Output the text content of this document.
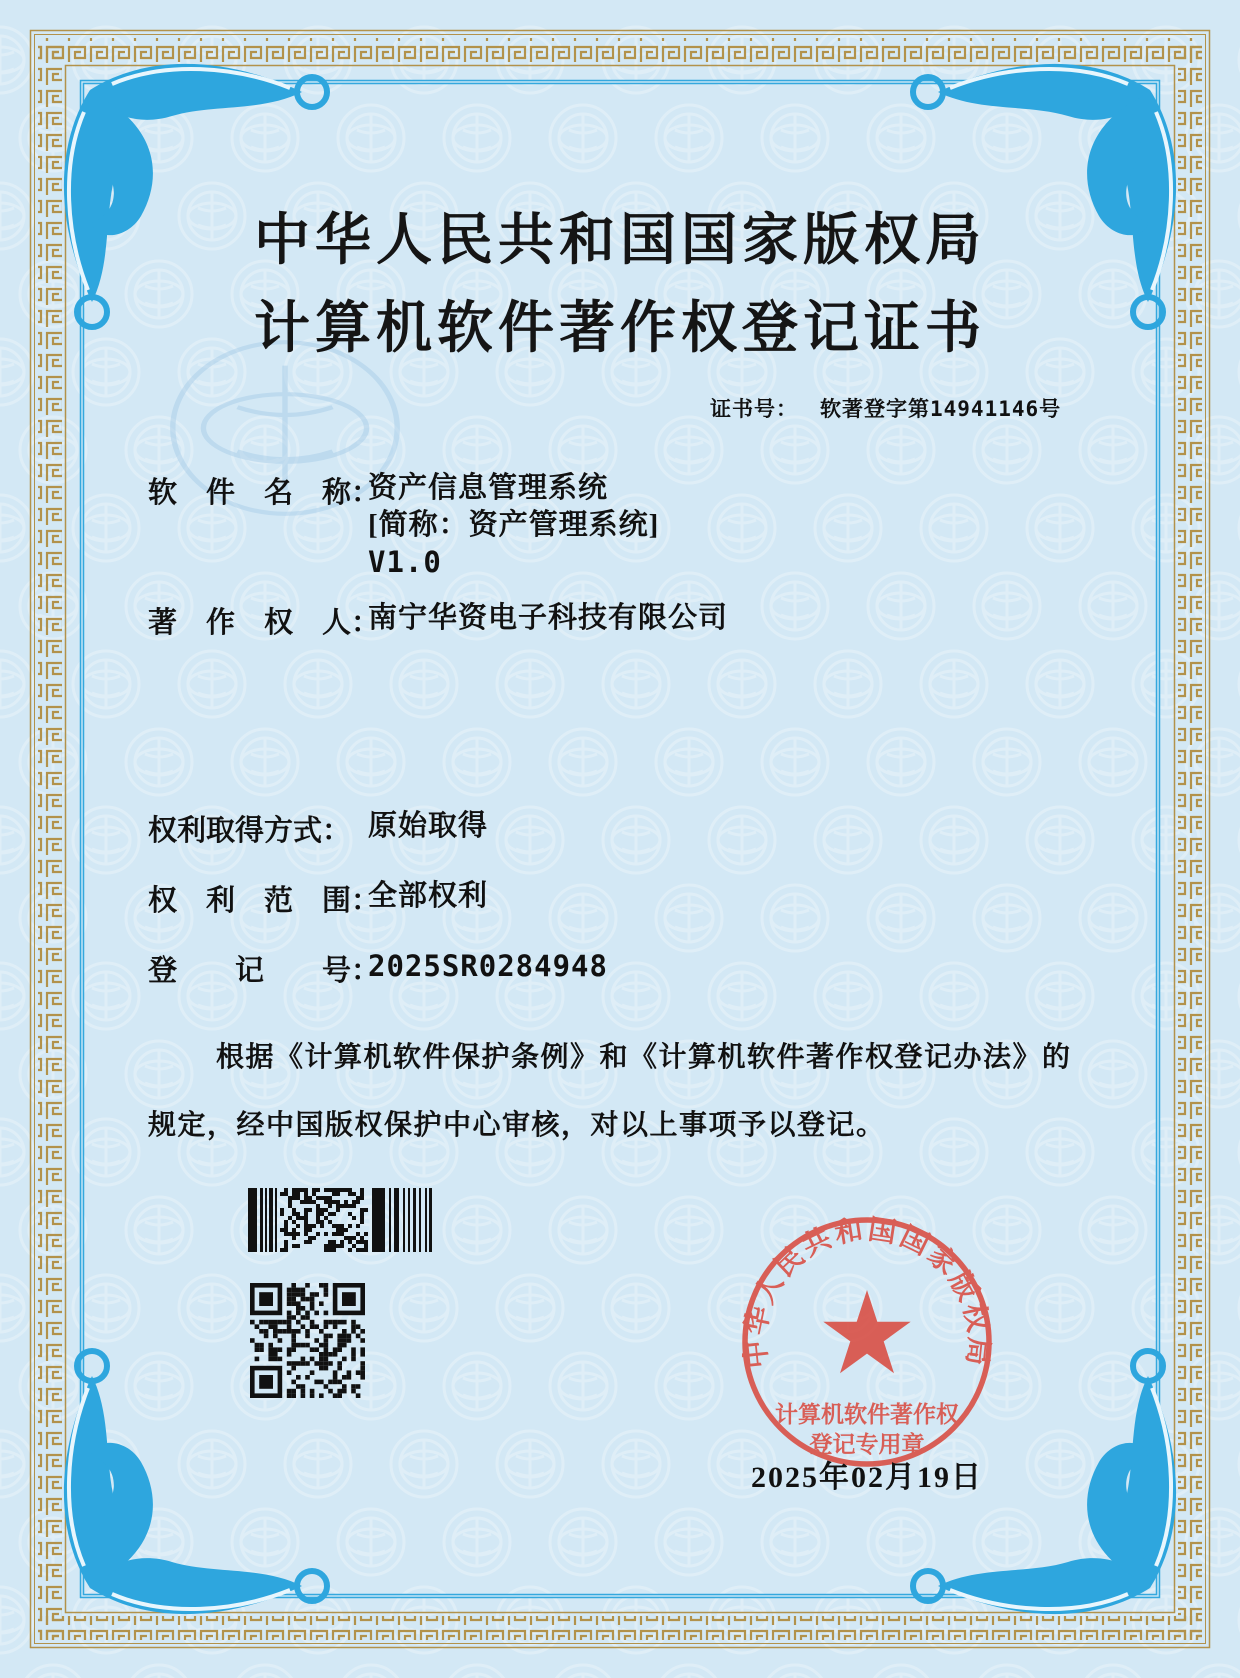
中华人民共和国国家版权局
计算机软件著作权登记证书
证书号： 软著登字第14941146号
软　件　名　称：
资产信息管理系统
[简称：资产管理系统]
V1.0
著　作　权　人：
南宁华资电子科技有限公司
权利取得方式： 原始取得
权　利　范　围：
全部权利
登　　记　　号：
2025SR0284948
根据《计算机软件保护条例》和《计算机软件著作权登记办法》的
规定，经中国版权保护中心审核，对以上事项予以登记。
中华人民共和国国家版权局
计算机软件著作权
登记专用章
2025年02月19日
